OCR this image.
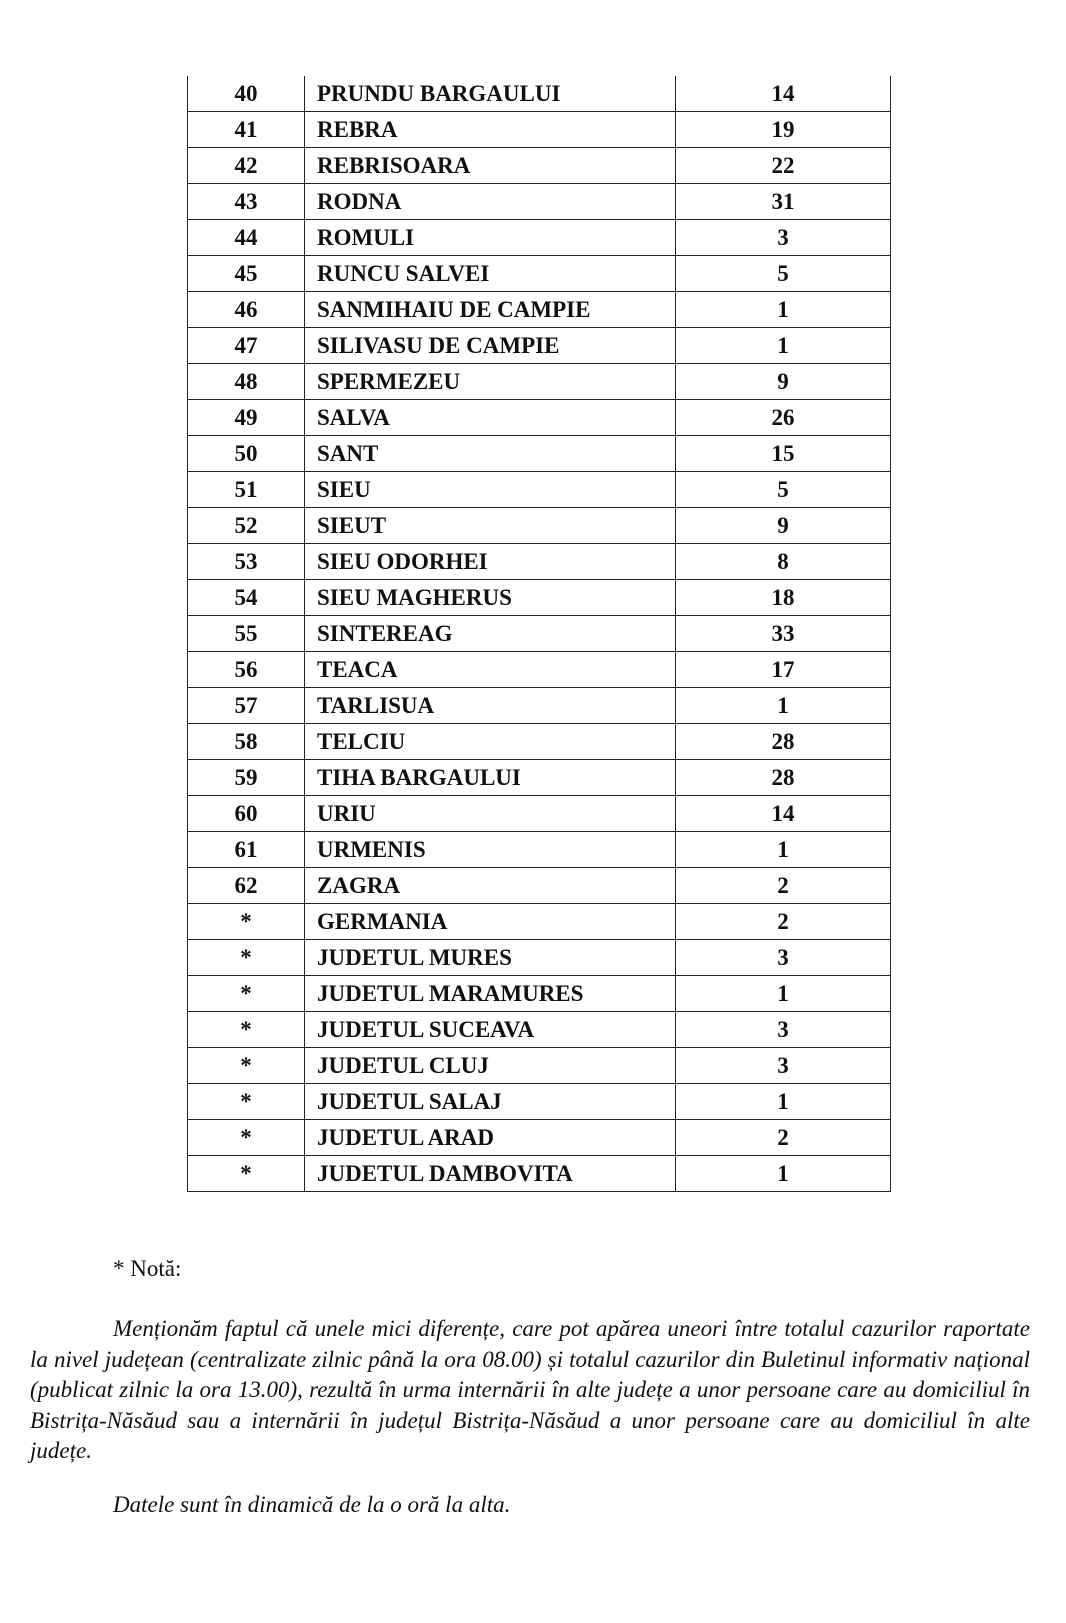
40	PRUNDU BARGAULUI	14
41	REBRA	19
42	REBRISOARA	22
43	RODNA	31
44	ROMULI	3
45	RUNCU SALVEI	5
46	SANMIHAIU DE CAMPIE	1
47	SILIVASU DE CAMPIE	1
48	SPERMEZEU	9
49	SALVA	26
50	SANT	15
51	SIEU	5
52	SIEUT	9
53	SIEU ODORHEI	8
54	SIEU MAGHERUS	18
55	SINTEREAG	33
56	TEACA	17
57	TARLISUA	1
58	TELCIU	28
59	TIHA BARGAULUI	28
60	URIU	14
61	URMENIS	1
62	ZAGRA	2
*	GERMANIA	2
*	JUDETUL MURES	3
*	JUDETUL MARAMURES	1
*	JUDETUL SUCEAVA	3
*	JUDETUL CLUJ	3
*	JUDETUL SALAJ	1
*	JUDETUL ARAD	2
*	JUDETUL DAMBOVITA	1
* Notă:
Menționăm faptul că unele mici diferențe, care pot apărea uneori între totalul cazurilor raportate la nivel județean (centralizate zilnic până la ora 08.00) și totalul cazurilor din Buletinul informativ național (publicat zilnic la ora 13.00), rezultă în urma internării în alte județe a unor persoane care au domiciliul în Bistrița-Năsăud sau a internării în județul Bistrița-Năsăud a unor persoane care au domiciliul în alte județe.
Datele sunt în dinamică de la o oră la alta.
